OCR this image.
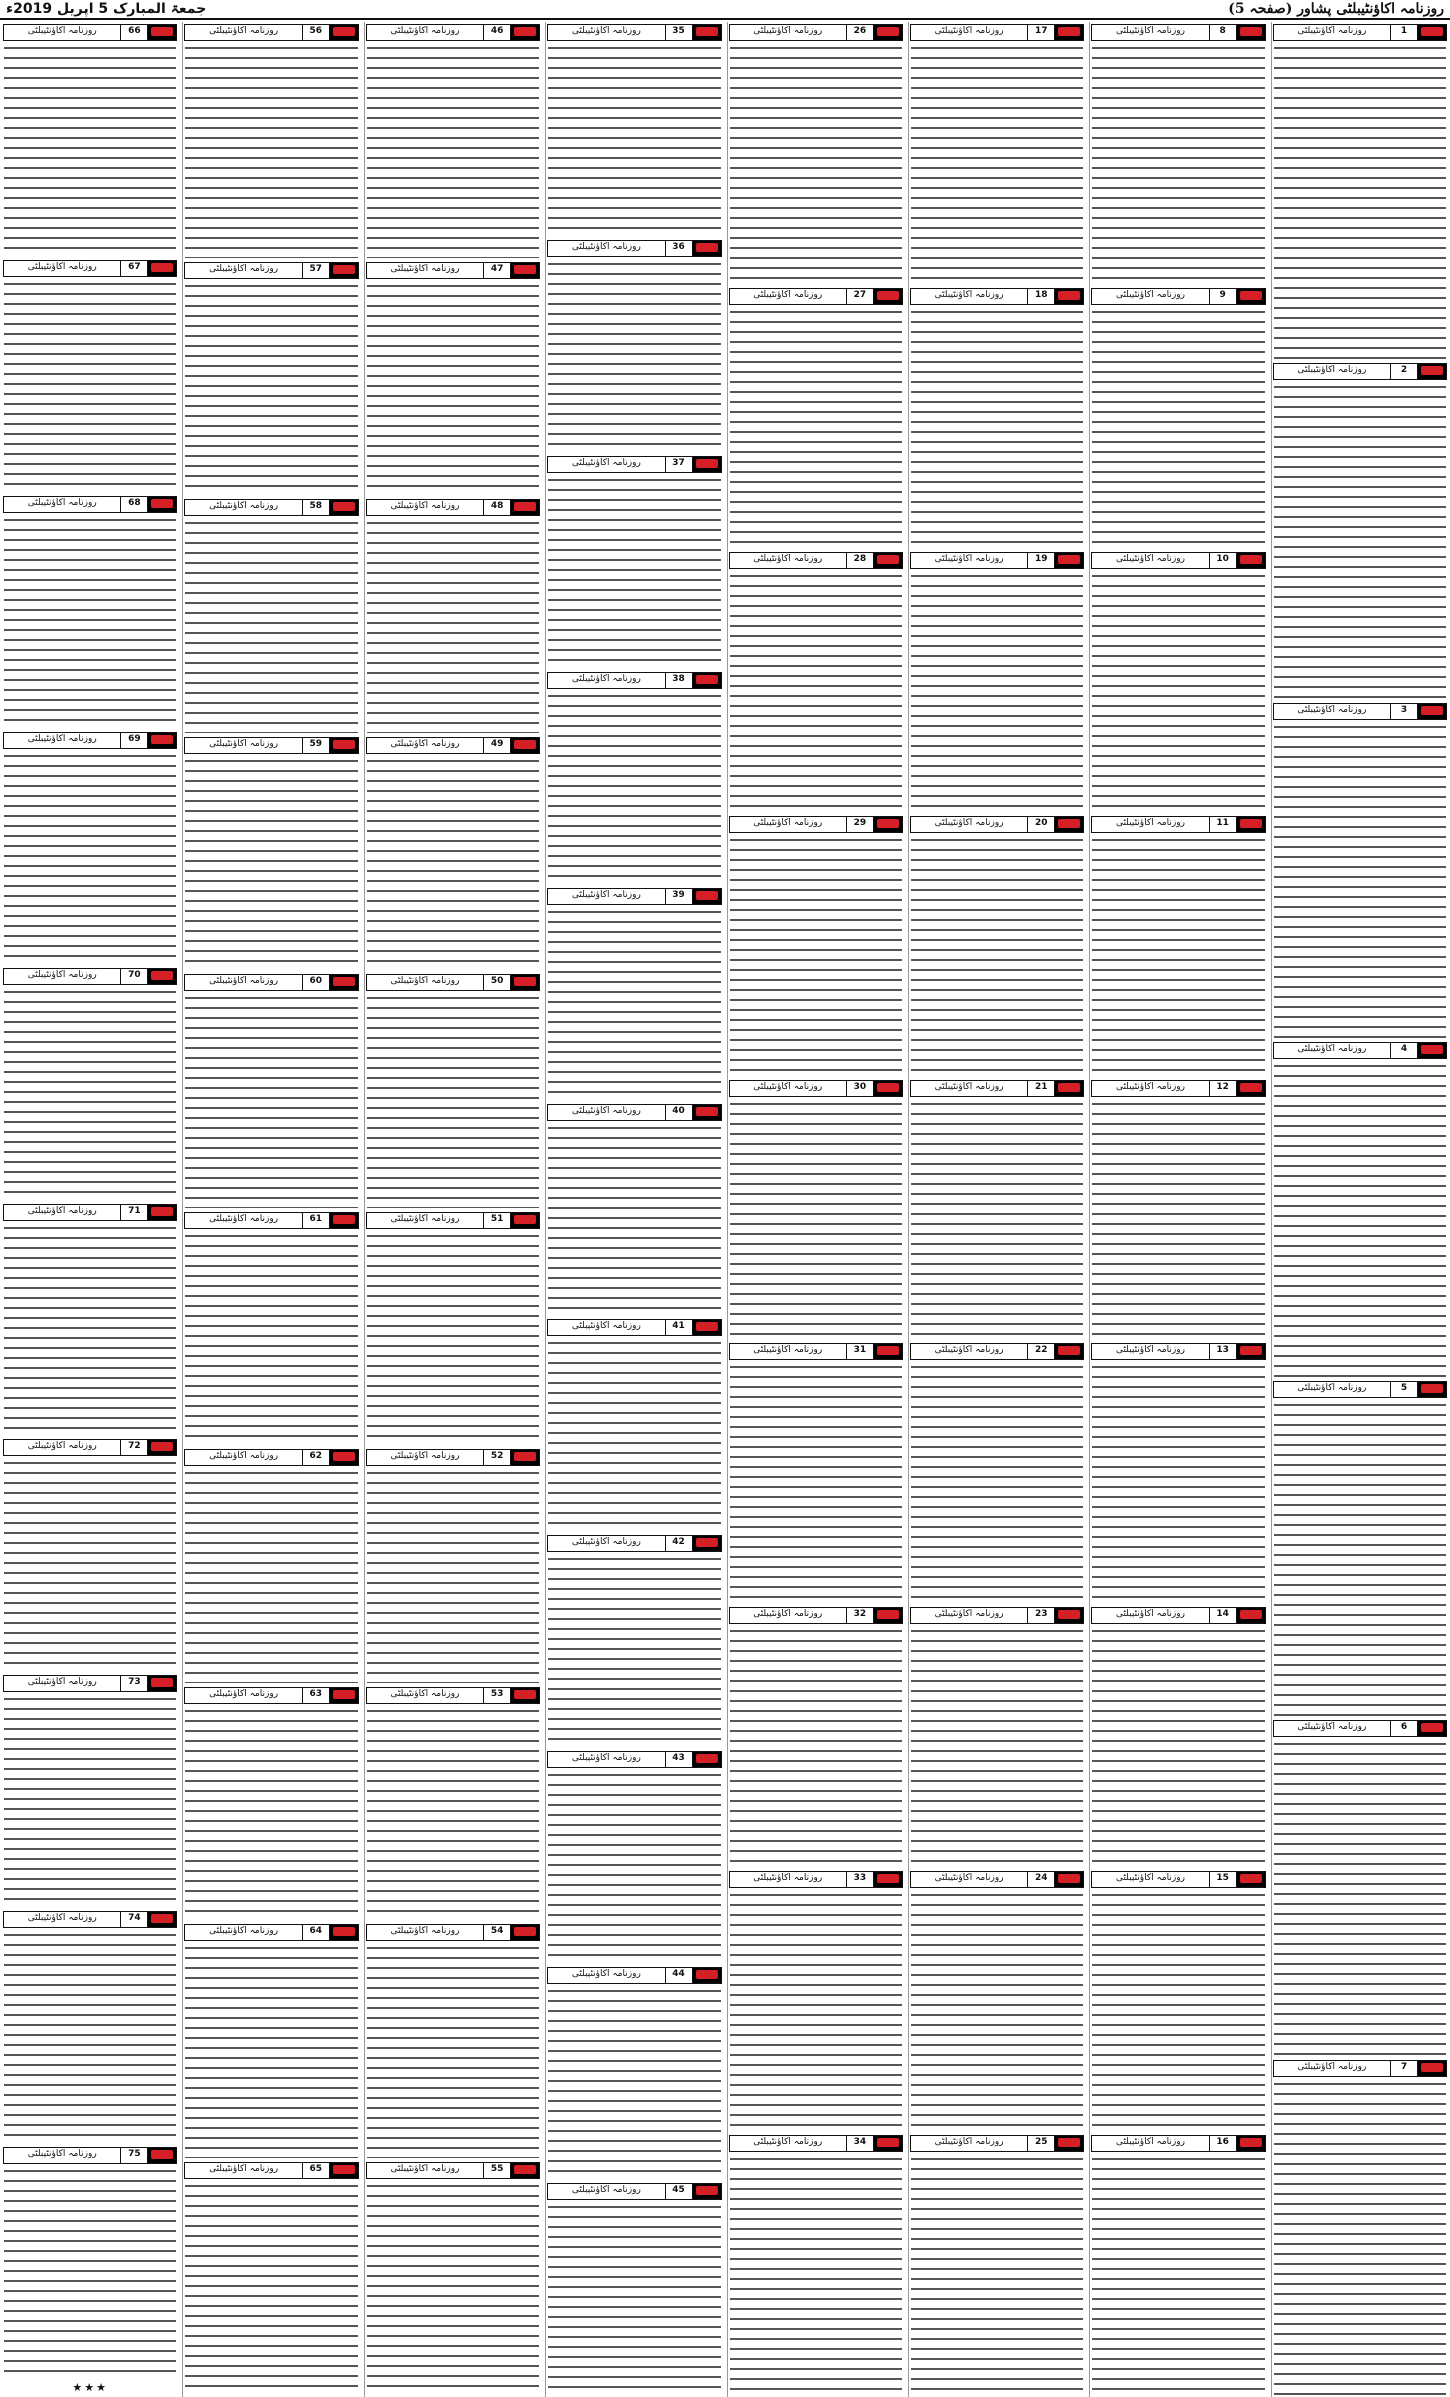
جمعۃ المبارک 5 اپریل 2019ء	روزنامہ اکاؤنٹیبلٹی پشاور (صفحہ 5)
1
روزنامہ اکاؤنٹیبلٹی
2
روزنامہ اکاؤنٹیبلٹی
3
روزنامہ اکاؤنٹیبلٹی
4
روزنامہ اکاؤنٹیبلٹی
5
روزنامہ اکاؤنٹیبلٹی
6
روزنامہ اکاؤنٹیبلٹی
7
روزنامہ اکاؤنٹیبلٹی
8
روزنامہ اکاؤنٹیبلٹی
9
روزنامہ اکاؤنٹیبلٹی
10
روزنامہ اکاؤنٹیبلٹی
11
روزنامہ اکاؤنٹیبلٹی
12
روزنامہ اکاؤنٹیبلٹی
13
روزنامہ اکاؤنٹیبلٹی
14
روزنامہ اکاؤنٹیبلٹی
15
روزنامہ اکاؤنٹیبلٹی
16
روزنامہ اکاؤنٹیبلٹی
17
روزنامہ اکاؤنٹیبلٹی
18
روزنامہ اکاؤنٹیبلٹی
19
روزنامہ اکاؤنٹیبلٹی
20
روزنامہ اکاؤنٹیبلٹی
21
روزنامہ اکاؤنٹیبلٹی
22
روزنامہ اکاؤنٹیبلٹی
23
روزنامہ اکاؤنٹیبلٹی
24
روزنامہ اکاؤنٹیبلٹی
25
روزنامہ اکاؤنٹیبلٹی
26
روزنامہ اکاؤنٹیبلٹی
27
روزنامہ اکاؤنٹیبلٹی
28
روزنامہ اکاؤنٹیبلٹی
29
روزنامہ اکاؤنٹیبلٹی
30
روزنامہ اکاؤنٹیبلٹی
31
روزنامہ اکاؤنٹیبلٹی
32
روزنامہ اکاؤنٹیبلٹی
33
روزنامہ اکاؤنٹیبلٹی
34
روزنامہ اکاؤنٹیبلٹی
35
روزنامہ اکاؤنٹیبلٹی
36
روزنامہ اکاؤنٹیبلٹی
37
روزنامہ اکاؤنٹیبلٹی
38
روزنامہ اکاؤنٹیبلٹی
39
روزنامہ اکاؤنٹیبلٹی
40
روزنامہ اکاؤنٹیبلٹی
41
روزنامہ اکاؤنٹیبلٹی
42
روزنامہ اکاؤنٹیبلٹی
43
روزنامہ اکاؤنٹیبلٹی
44
روزنامہ اکاؤنٹیبلٹی
45
روزنامہ اکاؤنٹیبلٹی
46
روزنامہ اکاؤنٹیبلٹی
47
روزنامہ اکاؤنٹیبلٹی
48
روزنامہ اکاؤنٹیبلٹی
49
روزنامہ اکاؤنٹیبلٹی
50
روزنامہ اکاؤنٹیبلٹی
51
روزنامہ اکاؤنٹیبلٹی
52
روزنامہ اکاؤنٹیبلٹی
53
روزنامہ اکاؤنٹیبلٹی
54
روزنامہ اکاؤنٹیبلٹی
55
روزنامہ اکاؤنٹیبلٹی
56
روزنامہ اکاؤنٹیبلٹی
57
روزنامہ اکاؤنٹیبلٹی
58
روزنامہ اکاؤنٹیبلٹی
59
روزنامہ اکاؤنٹیبلٹی
60
روزنامہ اکاؤنٹیبلٹی
61
روزنامہ اکاؤنٹیبلٹی
62
روزنامہ اکاؤنٹیبلٹی
63
روزنامہ اکاؤنٹیبلٹی
64
روزنامہ اکاؤنٹیبلٹی
65
روزنامہ اکاؤنٹیبلٹی
66
روزنامہ اکاؤنٹیبلٹی
67
روزنامہ اکاؤنٹیبلٹی
68
روزنامہ اکاؤنٹیبلٹی
69
روزنامہ اکاؤنٹیبلٹی
70
روزنامہ اکاؤنٹیبلٹی
71
روزنامہ اکاؤنٹیبلٹی
72
روزنامہ اکاؤنٹیبلٹی
73
روزنامہ اکاؤنٹیبلٹی
74
روزنامہ اکاؤنٹیبلٹی
75
روزنامہ اکاؤنٹیبلٹی
★★★
